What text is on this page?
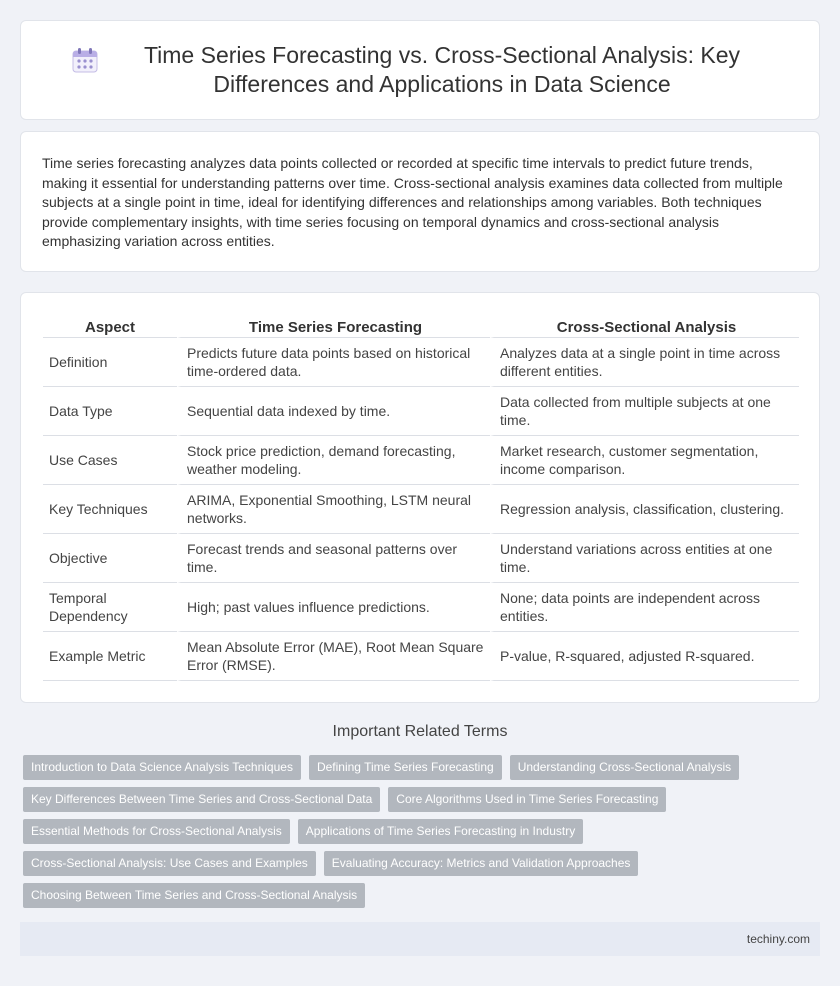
Time Series Forecasting vs. Cross-Sectional Analysis: Key Differences and Applications in Data Science

Time series forecasting analyzes data points collected or recorded at specific time intervals to predict future trends, making it essential for understanding patterns over time. Cross-sectional analysis examines data collected from multiple subjects at a single point in time, ideal for identifying differences and relationships among variables. Both techniques provide complementary insights, with time series focusing on temporal dynamics and cross-sectional analysis emphasizing variation across entities.

Aspect	Time Series Forecasting	Cross-Sectional Analysis
Definition	Predicts future data points based on historical time-ordered data.	Analyzes data at a single point in time across different entities.
Data Type	Sequential data indexed by time.	Data collected from multiple subjects at one time.
Use Cases	Stock price prediction, demand forecasting, weather modeling.	Market research, customer segmentation, income comparison.
Key Techniques	ARIMA, Exponential Smoothing, LSTM neural networks.	Regression analysis, classification, clustering.
Objective	Forecast trends and seasonal patterns over time.	Understand variations across entities at one time.
Temporal Dependency	High; past values influence predictions.	None; data points are independent across entities.
Example Metric	Mean Absolute Error (MAE), Root Mean Square Error (RMSE).	P-value, R-squared, adjusted R-squared.
Important Related Terms
Introduction to Data Science Analysis Techniques	Defining Time Series Forecasting	Understanding Cross-Sectional Analysis
Key Differences Between Time Series and Cross-Sectional Data	Core Algorithms Used in Time Series Forecasting
Essential Methods for Cross-Sectional Analysis	Applications of Time Series Forecasting in Industry
Cross-Sectional Analysis: Use Cases and Examples	Evaluating Accuracy: Metrics and Validation Approaches
Choosing Between Time Series and Cross-Sectional Analysis
techiny.com
